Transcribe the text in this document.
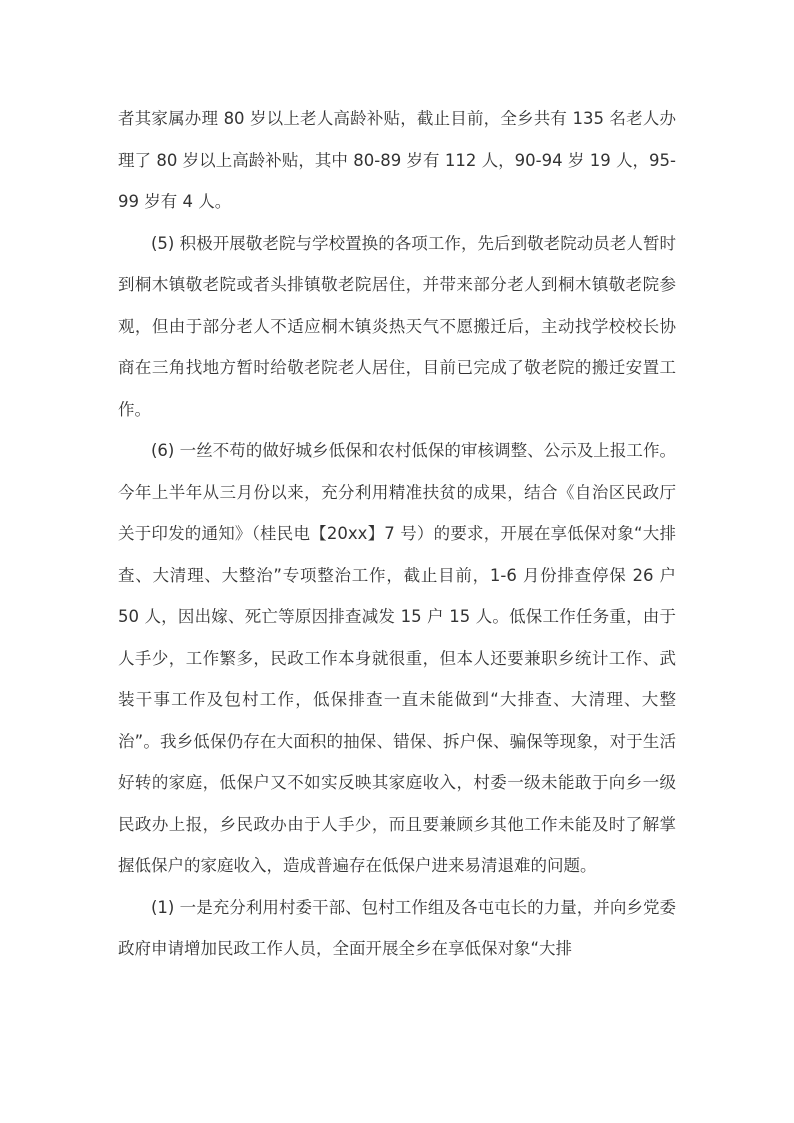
者其家属办理 80 岁以上老人高龄补贴，截止目前，全乡共有 135 名老人办理了 80 岁以上高龄补贴，其中 80-89 岁有 112 人，90-94 岁 19 人，95-99 岁有 4 人。

(5) 积极开展敬老院与学校置换的各项工作，先后到敬老院动员老人暂时到桐木镇敬老院或者头排镇敬老院居住，并带来部分老人到桐木镇敬老院参观，但由于部分老人不适应桐木镇炎热天气不愿搬迁后，主动找学校校长协商在三角找地方暂时给敬老院老人居住，目前已完成了敬老院的搬迁安置工作。

(6) 一丝不苟的做好城乡低保和农村低保的审核调整、公示及上报工作。今年上半年从三月份以来，充分利用精准扶贫的成果，结合《自治区民政厅关于印发的通知》（桂民电【20xx】7 号）的要求，开展在享低保对象“大排查、大清理、大整治”专项整治工作，截止目前，1-6 月份排查停保 26 户 50 人，因出嫁、死亡等原因排查减发 15 户 15 人。低保工作任务重，由于人手少，工作繁多，民政工作本身就很重，但本人还要兼职乡统计工作、武装干事工作及包村工作，低保排查一直未能做到“大排查、大清理、大整治”。我乡低保仍存在大面积的抽保、错保、拆户保、骗保等现象，对于生活好转的家庭，低保户又不如实反映其家庭收入，村委一级未能敢于向乡一级民政办上报，乡民政办由于人手少，而且要兼顾乡其他工作未能及时了解掌握低保户的家庭收入，造成普遍存在低保户进来易清退难的问题。

(1) 一是充分利用村委干部、包村工作组及各屯屯长的力量，并向乡党委政府申请增加民政工作人员，全面开展全乡在享低保对象“大排
